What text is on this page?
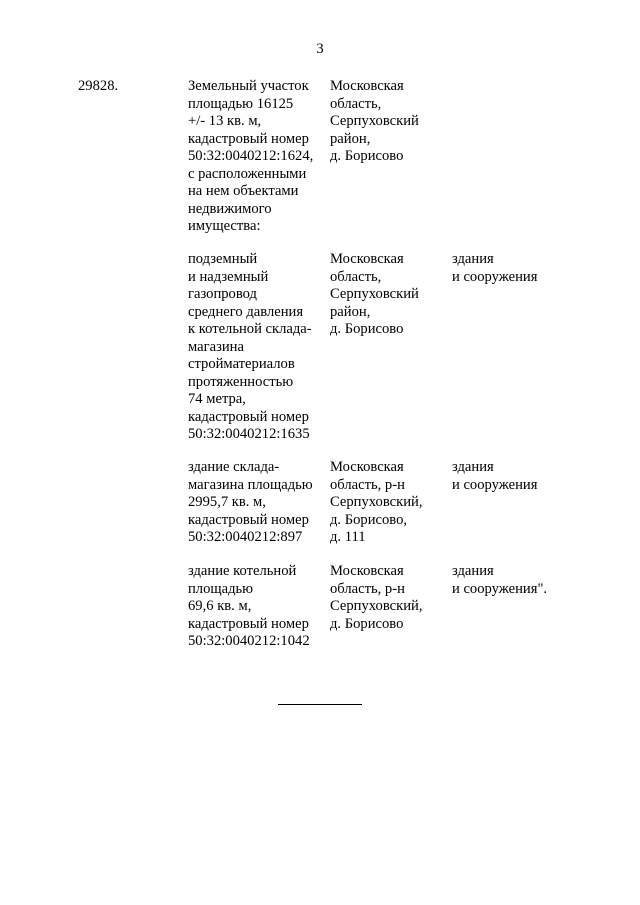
3
29828.	Земельный участок
площадью 16125
+/- 13 кв. м,
кадастровый номер
50:32:0040212:1624,
с расположенными
на нем объектами
недвижимого
имущества:
Московская
область,
Серпуховский
район,
д. Борисово
подземный
и надземный
газопровод
среднего давления
к котельной склада-
магазина
стройматериалов
протяженностью
74 метра,
кадастровый номер
50:32:0040212:1635
Московская
область,
Серпуховский
район,
д. Борисово
здания
и сооружения
здание склада-
магазина площадью
2995,7 кв. м,
кадастровый номер
50:32:0040212:897
Московская
область, р-н
Серпуховский,
д. Борисово,
д. 111
здания
и сооружения
здание котельной
площадью
69,6 кв. м,
кадастровый номер
50:32:0040212:1042
Московская
область, р-н
Серпуховский,
д. Борисово
здания
и сооружения".
